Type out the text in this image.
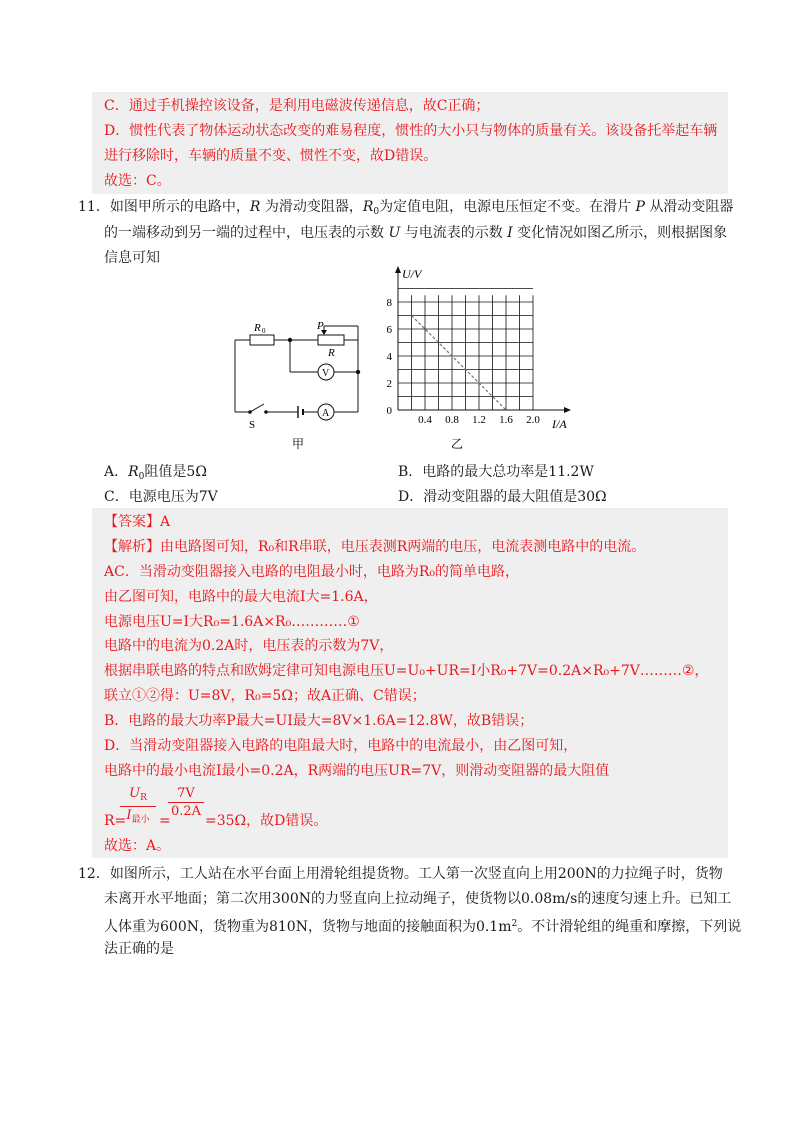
C．通过手机操控该设备，是利用电磁波传递信息，故C正确；
D．惯性代表了物体运动状态改变的难易程度，惯性的大小只与物体的质量有关。该设备托举起车辆
进行移除时，车辆的质量不变、惯性不变，故D错误。
故选：C。
11．如图甲所示的电路中，R 为滑动变阻器，$R_0$为定值电阻，电源电压恒定不变。在滑片 P 从滑动变阻器
的一端移动到另一端的过程中，电压表的示数 U 与电流表的示数 I 变化情况如图乙所示，则根据图象
信息可知
R 0	P
R
V
A
S
甲	乙
U/V
I/A
0.4 0.8 1.2 1.6 2.0
0
2
4
6
8
A．$R_0$阻值是5Ω	B．电路的最大总功率是11.2W
C．电源电压为7V	D．滑动变阻器的最大阻值是30Ω
【答案】A
【解析】由电路图可知，R₀和R串联，电压表测R两端的电压，电流表测电路中的电流。
AC．当滑动变阻器接入电路的电阻最小时，电路为R₀的简单电路，
由乙图可知，电路中的最大电流I大=1.6A，
电源电压U=I大R₀=1.6A×R₀…………①
电路中的电流为0.2A时，电压表的示数为7V，
根据串联电路的特点和欧姆定律可知电源电压U=U₀+UR=I小R₀+7V=0.2A×R₀+7V………②，
联立①②得：U=8V，R₀=5Ω；故A正确、C错误；
B．电路的最大功率P最大=UI最大=8V×1.6A=12.8W，故B错误；
D．当滑动变阻器接入电路的电阻最大时，电路中的电流最小，由乙图可知，
电路中的最小电流I最小=0.2A，R两端的电压UR=7V，则滑动变阻器的最大阻值
R=
$U_R$
$I_{最小}$ =
$\frac{7V}{0.2A} =35\Omega$，故D错误。
故选：A。
12．如图所示，工人站在水平台面上用滑轮组提货物。工人第一次竖直向上用200N的力拉绳子时，货物
未离开水平地面；第二次用300N的力竖直向上拉动绳子，使货物以0.08m/s的速度匀速上升。已知工
人体重为600N，货物重为810N，货物与地面的接触面积为$0.1m^2$。不计滑轮组的绳重和摩擦，下列说
法正确的是
